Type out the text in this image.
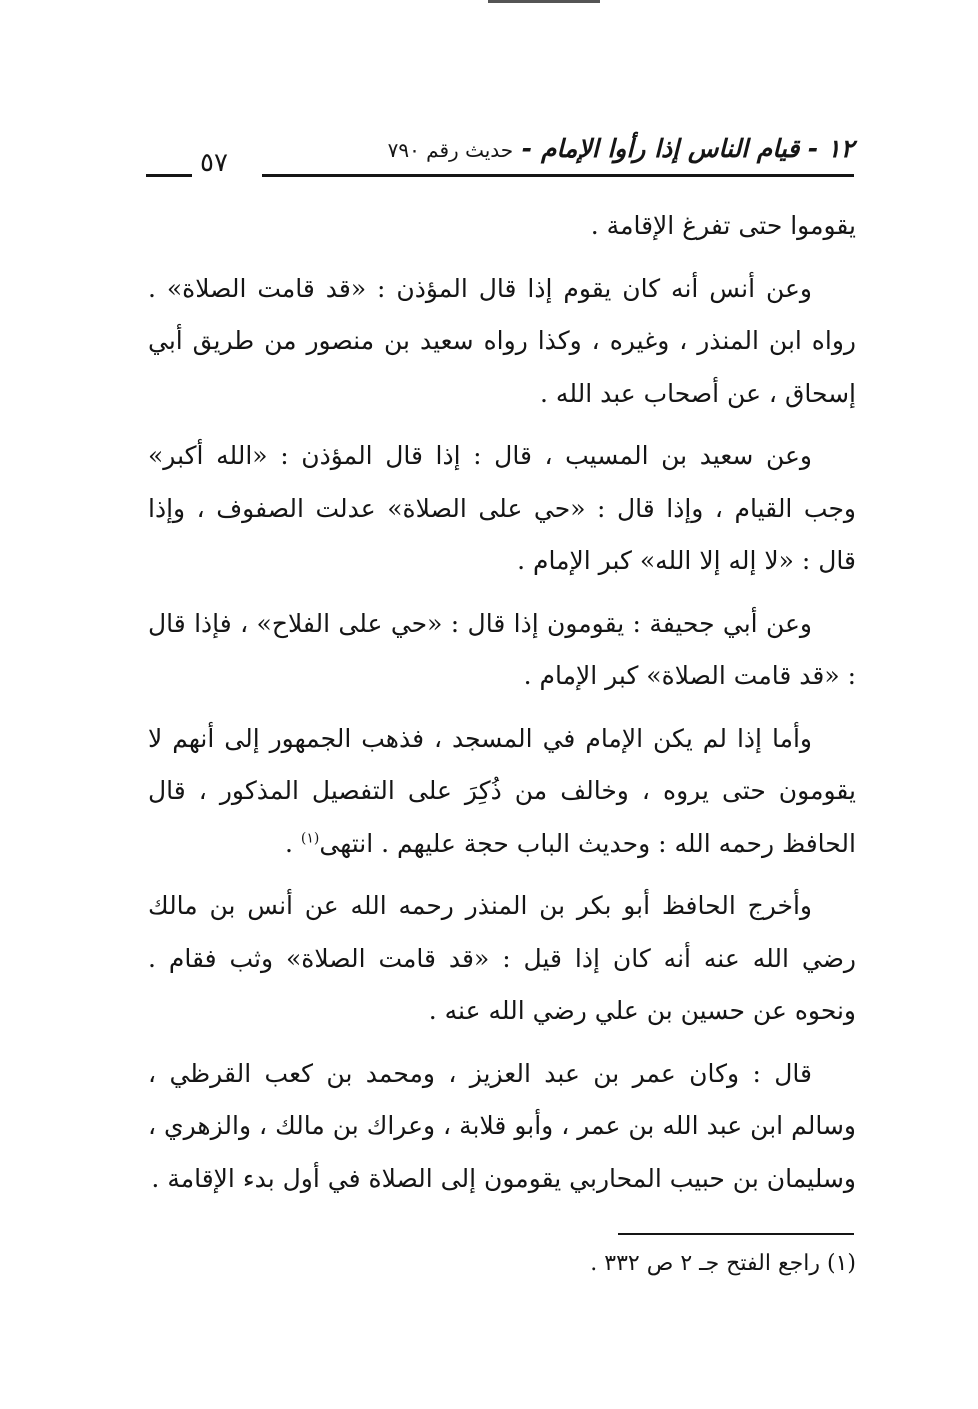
١٢ - قيام الناس إذا رأوا الإمام - حديث رقم ٧٩٠
٥٧

يقوموا حتى تفرغ الإقامة .

وعن أنس أنه كان يقوم إذا قال المؤذن : «قد قامت الصلاة» . رواه ابن المنذر ، وغيره ، وكذا رواه سعيد بن منصور من طريق أبي إسحاق ، عن أصحاب عبد الله .

وعن سعيد بن المسيب ، قال : إذا قال المؤذن : «الله أكبر» وجب القيام ، وإذا قال : «حي على الصلاة» عدلت الصفوف ، وإذا قال : «لا إله إلا الله» كبر الإمام .

وعن أبي جحيفة : يقومون إذا قال : «حي على الفلاح» ، فإذا قال : «قد قامت الصلاة» كبر الإمام .

وأما إذا لم يكن الإمام في المسجد ، فذهب الجمهور إلى أنهم لا يقومون حتى يروه ، وخالف من ذُكِرَ على التفصيل المذكور ، قال الحافظ رحمه الله : وحديث الباب حجة عليهم . انتهى$^{(١)}$ .

وأخرج الحافظ أبو بكر بن المنذر رحمه الله عن أنس بن مالك رضي الله عنه أنه كان إذا قيل : «قد قامت الصلاة» وثب فقام . ونحوه عن حسين بن علي رضي الله عنه .

قال : وكان عمر بن عبد العزيز ، ومحمد بن كعب القرظي ، وسالم ابن عبد الله بن عمر ، وأبو قلابة ، وعراك بن مالك ، والزهري ، وسليمان بن حبيب المحاربي يقومون إلى الصلاة في أول بدء الإقامة .

(١) راجع الفتح جـ ٢ ص ٣٣٢ .
